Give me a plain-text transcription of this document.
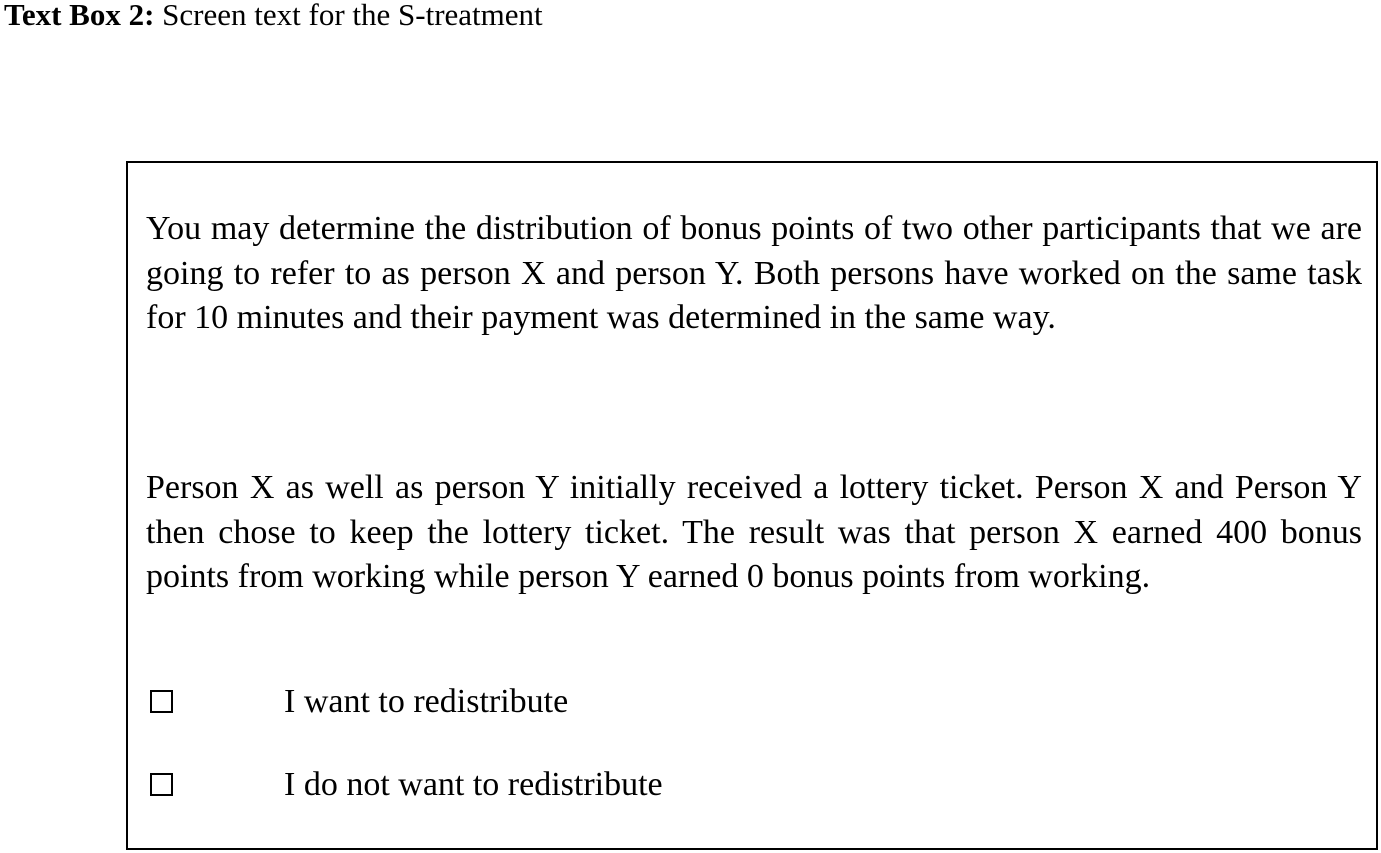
Text Box 2: Screen text for the S-treatment

You may determine the distribution of bonus points of two other participants that we are going to refer to as person X and person Y. Both persons have worked on the same task for 10 minutes and their payment was determined in the same way.

Person X as well as person Y initially received a lottery ticket. Person X and Person Y then chose to keep the lottery ticket. The result was that person X earned 400 bonus points from working while person Y earned 0 bonus points from working.

I want to redistribute
I do not want to redistribute
